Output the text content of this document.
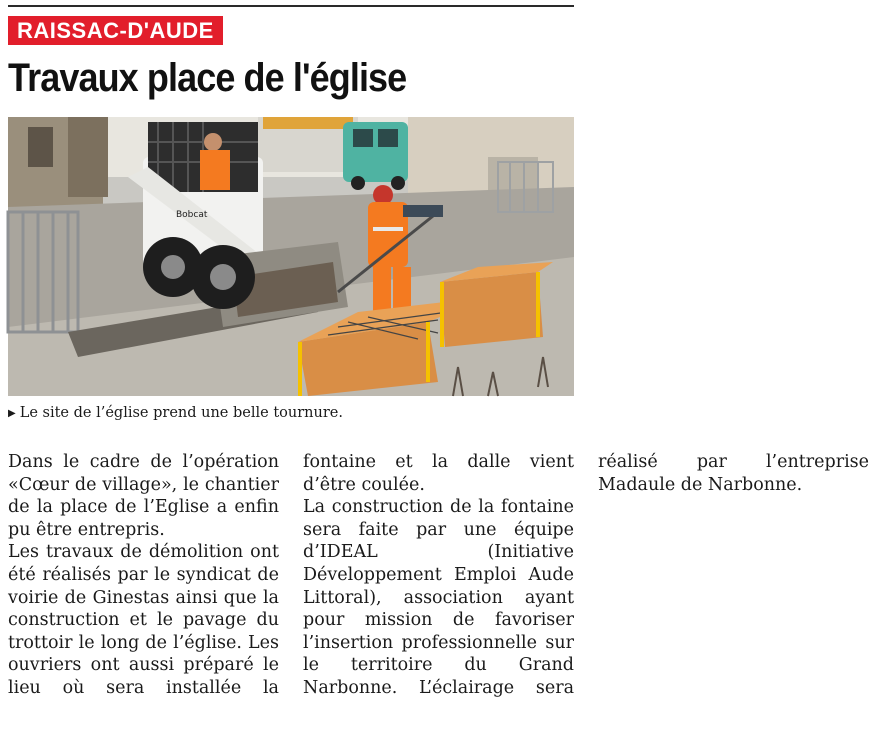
RAISSAC-D'AUDE
Travaux place de l'église
Bobcat
▶ Le site de l’église prend une belle tournure.

Dans le cadre de l’opération «Cœur de village», le chantier de la place de l’Eglise a enfin pu être entrepris.

Les travaux de démolition ont été réalisés par le syndicat de voirie de Ginestas ainsi que la construction et le pavage du trottoir le long de l’église. Les ouvriers ont aussi préparé le lieu où sera installée la fontaine et la dalle vient d’être coulée.

La construction de la fontaine sera faite par une équipe d’IDEAL (Initiative Développement Emploi Aude Littoral), association ayant pour mission de favoriser l’insertion professionnelle sur le territoire du Grand Narbonne. L’éclairage sera réalisé par l’entreprise Madaule de Narbonne.
